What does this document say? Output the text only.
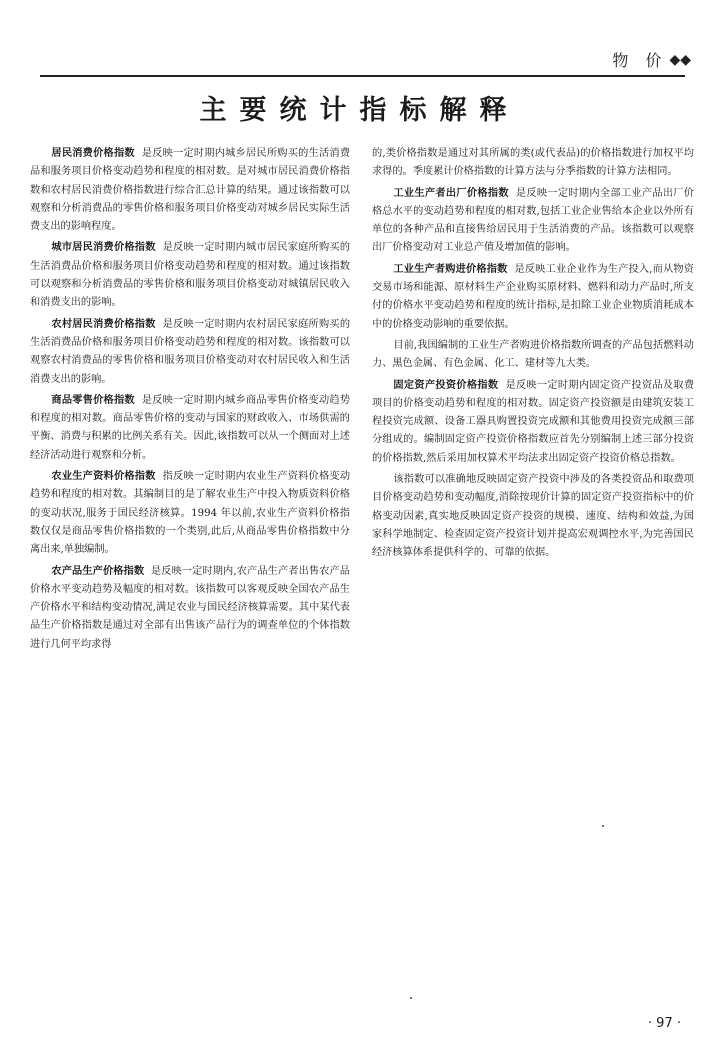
物 价 ◆◆
主要统计指标解释

居民消费价格指数 是反映一定时期内城乡居民所购买的生活消费品和服务项目价格变动趋势和程度的相对数。是对城市居民消费价格指数和农村居民消费价格指数进行综合汇总计算的结果。通过该指数可以观察和分析消费品的零售价格和服务项目价格变动对城乡居民实际生活费支出的影响程度。

城市居民消费价格指数 是反映一定时期内城市居民家庭所购买的生活消费品价格和服务项目价格变动趋势和程度的相对数。通过该指数可以观察和分析消费品的零售价格和服务项目价格变动对城镇居民收入和消费支出的影响。

农村居民消费价格指数 是反映一定时期内农村居民家庭所购买的生活消费品价格和服务项目价格变动趋势和程度的相对数。该指数可以观察农村消费品的零售价格和服务项目价格变动对农村居民收入和生活消费支出的影响。

商品零售价格指数 是反映一定时期内城乡商品零售价格变动趋势和程度的相对数。商品零售价格的变动与国家的财政收入、市场供需的平衡、消费与积累的比例关系有关。因此,该指数可以从一个侧面对上述经济活动进行观察和分析。

农业生产资料价格指数 指反映一定时期内农业生产资料价格变动趋势和程度的相对数。其编制目的是了解农业生产中投入物质资料价格的变动状况,服务于国民经济核算。1994 年以前,农业生产资料价格指数仅仅是商品零售价格指数的一个类别,此后,从商品零售价格指数中分离出来,单独编制。

农产品生产价格指数 是反映一定时期内,农产品生产者出售农产品价格水平变动趋势及幅度的相对数。该指数可以客观反映全国农产品生产价格水平和结构变动情况,满足农业与国民经济核算需要。其中某代表品生产价格指数是通过对全部有出售该产品行为的调查单位的个体指数进行几何平均求得

的,类价格指数是通过对其所属的类(或代表品)的价格指数进行加权平均求得的。季度累计价格指数的计算方法与分季指数的计算方法相同。

工业生产者出厂价格指数 是反映一定时期内全部工业产品出厂价格总水平的变动趋势和程度的相对数,包括工业企业售给本企业以外所有单位的各种产品和直接售给居民用于生活消费的产品。该指数可以观察出厂价格变动对工业总产值及增加值的影响。

工业生产者购进价格指数 是反映工业企业作为生产投入,而从物资交易市场和能源、原材料生产企业购买原材料、燃料和动力产品时,所支付的价格水平变动趋势和程度的统计指标,是扣除工业企业物质消耗成本中的价格变动影响的重要依据。

目前,我国编制的工业生产者购进价格指数所调查的产品包括燃料动力、黑色金属、有色金属、化工、建材等九大类。

固定资产投资价格指数 是反映一定时期内固定资产投资品及取费项目的价格变动趋势和程度的相对数。固定资产投资额是由建筑安装工程投资完成额、设备工器具购置投资完成额和其他费用投资完成额三部分组成的。编制固定资产投资价格指数应首先分别编制上述三部分投资的价格指数,然后采用加权算术平均法求出固定资产投资价格总指数。

该指数可以准确地反映固定资产投资中涉及的各类投资品和取费项目价格变动趋势和变动幅度,消除按现价计算的固定资产投资指标中的价格变动因素,真实地反映固定资产投资的规模、速度、结构和效益,为国家科学地制定、检查固定资产投资计划并提高宏观调控水平,为完善国民经济核算体系提供科学的、可靠的依据。

· 97 ·
